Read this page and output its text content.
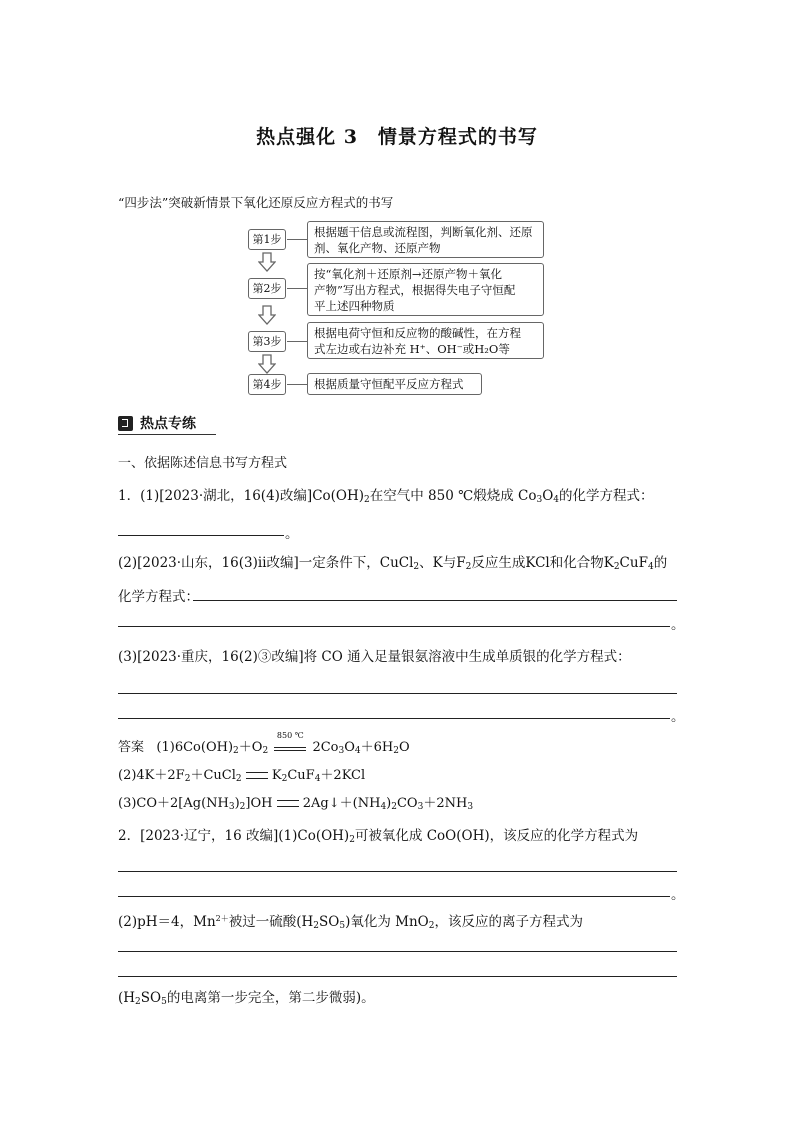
热点强化 3　情景方程式的书写
“四步法”突破新情景下氧化还原反应方程式的书写
第1步
根据题干信息或流程图，判断氧化剂、还原
剂、氧化产物、还原产物
第2步
按“氧化剂＋还原剂→还原产物＋氧化
产物”写出方程式，根据得失电子守恒配
平上述四种物质
第3步
根据电荷守恒和反应物的酸碱性，在方程
式左边或右边补充 H⁺、OH⁻或H₂O等
第4步	根据质量守恒配平反应方程式
热点专练
一、依据陈述信息书写方程式
1．(1)[2023·湖北，16(4)改编]$Co(OH)_2$在空气中 850 ℃煅烧成 $Co_3O_4$的化学方程式：
。
(2)[2023·山东，16(3)ⅱ改编]一定条件下，CuCl$_2$、K与$F_2$反应生成KCl和化合物$K_2CuF_4$的
化学方程式：
。
(3)[2023·重庆，16(2)③改编]将 CO 通入足量银氨溶液中生成单质银的化学方程式：
。
答案 $(1)6Co(OH)_2+O_2$
850 ℃
$2Co_3O_4+6H_2O$
$(2)4K+2F_2+CuCl_2$ $K_2CuF_4+2KCl$
$(3)CO+2[Ag(NH_3)_2]OH$ $2Ag↓+(NH_4)_2CO_3+2NH_3$
2．[2023·辽宁，16 改编]$(1)Co(OH)_2$可被氧化成 CoO(OH)，该反应的化学方程式为
。
(2)pH＝4，$Mn^{2+}$被过一硫酸$(H_2SO_5)$氧化为 MnO$_2$，该反应的离子方程式为
($H_2SO_5$的电离第一步完全，第二步微弱)。
